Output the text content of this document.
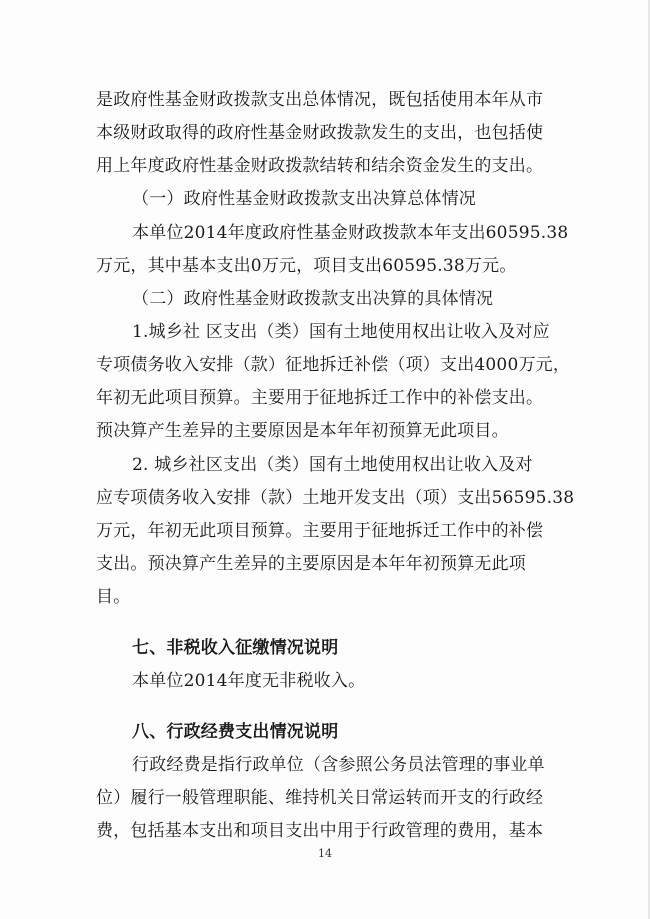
是政府性基金财政拨款支出总体情况，既包括使用本年从市
本级财政取得的政府性基金财政拨款发生的支出，也包括使
用上年度政府性基金财政拨款结转和结余资金发生的支出。
（一）政府性基金财政拨款支出决算总体情况
本单位2014年度政府性基金财政拨款本年支出60595.38
万元，其中基本支出0万元，项目支出60595.38万元。
（二）政府性基金财政拨款支出决算的具体情况
1.城乡社 区支出（类）国有土地使用权出让收入及对应
专项债务收入安排（款）征地拆迁补偿（项）支出4000万元，
年初无此项目预算。主要用于征地拆迁工作中的补偿支出。
预决算产生差异的主要原因是本年年初预算无此项目。
2. 城乡社区支出（类）国有土地使用权出让收入及对
应专项债务收入安排（款）土地开发支出（项）支出56595.38
万元，年初无此项目预算。主要用于征地拆迁工作中的补偿
支出。预决算产生差异的主要原因是本年年初预算无此项
目。
七、非税收入征缴情况说明
本单位2014年度无非税收入。
八、行政经费支出情况说明
行政经费是指行政单位（含参照公务员法管理的事业单
位）履行一般管理职能、维持机关日常运转而开支的行政经
费，包括基本支出和项目支出中用于行政管理的费用，基本
14
